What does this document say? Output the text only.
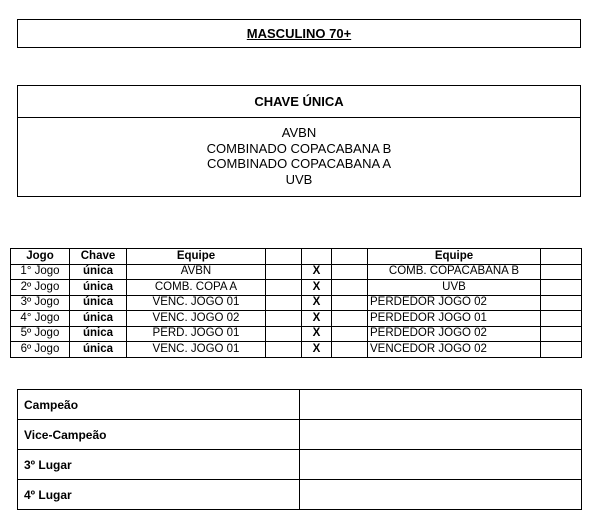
MASCULINO 70+
CHAVE ÚNICA
AVBN
COMBINADO COPACABANA B
COMBINADO COPACABANA A
UVB
Jogo	Chave	Equipe				Equipe	
1° Jogo	única	AVBN		X		COMB. COPACABANA B	
2º Jogo	única	COMB. COPA A		X		UVB	
3º Jogo	única	VENC. JOGO 01		X		PERDEDOR JOGO 02	
4° Jogo	única	VENC. JOGO 02		X		PERDEDOR JOGO 01	
5º Jogo	única	PERD. JOGO 01		X		PERDEDOR JOGO 02	
6º Jogo	única	VENC. JOGO 01		X		VENCEDOR JOGO 02	
Campeão	
Vice-Campeão	
3º Lugar	
4º Lugar	
